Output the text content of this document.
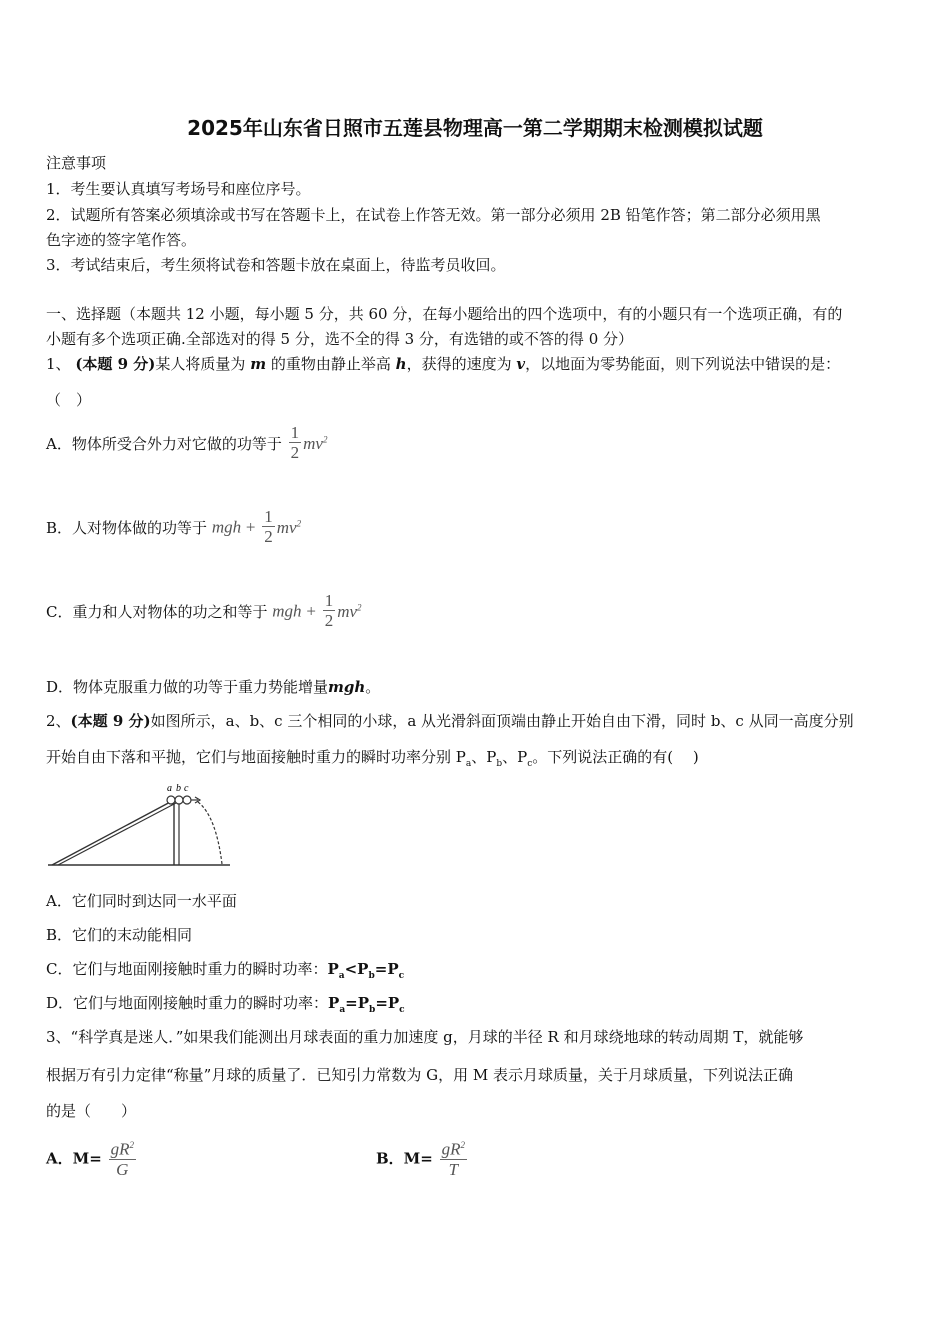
2025年山东省日照市五莲县物理高一第二学期期末检测模拟试题
注意事项
1．考生要认真填写考场号和座位序号。
2．试题所有答案必须填涂或书写在答题卡上，在试卷上作答无效。第一部分必须用 2B 铅笔作答；第二部分必须用黑
色字迹的签字笔作答。
3．考试结束后，考生须将试卷和答题卡放在桌面上，待监考员收回。
一、选择题（本题共 12 小题，每小题 5 分，共 60 分，在每小题给出的四个选项中，有的小题只有一个选项正确，有的
小题有多个选项正确.全部选对的得 5 分，选不全的得 3 分，有选错的或不答的得 0 分）
1、 (本题 9 分)某人将质量为 m 的重物由静止举高 h，获得的速度为 v，以地面为零势能面，则下列说法中错误的是：
（　）
A．物体所受合外力对它做的功等于 $\frac{1}{2} mv^2$
B．人对物体做的功等于 mgh + $\frac{1}{2} mv^2$
C．重力和人对物体的功之和等于 mgh + $\frac{1}{2} mv^2$
D．物体克服重力做的功等于重力势能增量mgh。
2、(本题 9 分)如图所示，a、b、c 三个相同的小球，a 从光滑斜面顶端由静止开始自由下滑，同时 b、c 从同一高度分别
开始自由下落和平抛，它们与地面接触时重力的瞬时功率分别 $P_a$、$P_b$、$P_c$。下列说法正确的有(　 )
a b c
A．它们同时到达同一水平面
B．它们的末动能相同
C．它们与地面刚接触时重力的瞬时功率：$P_a<P_b=P_c$
D．它们与地面刚接触时重力的瞬时功率：$P_a=P_b=P_c$
3、“科学真是迷人．”如果我们能测出月球表面的重力加速度 g，月球的半径 R 和月球绕地球的转动周期 T，就能够
根据万有引力定律“称量”月球的质量了．已知引力常数为 G，用 M 表示月球质量，关于月球质量，下列说法正确
的是（　　）
A．$M= \frac{gR^2}{G}$	B．$M= \frac{gR^2}{T}$
